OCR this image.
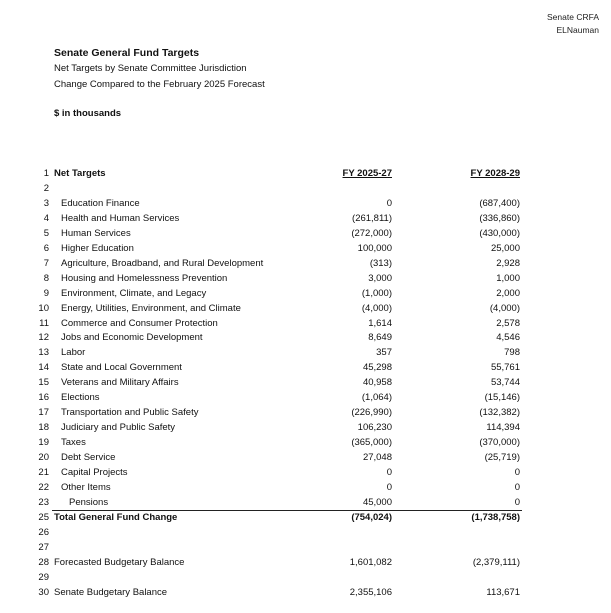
Senate CRFA
ELNauman
Senate General Fund Targets
Net Targets by Senate Committee Jurisdiction
Change Compared to the February 2025 Forecast
$ in thousands
1 Net Targets	FY 2025-27	FY 2028-29
2
3 Education Finance	0	(687,400)
4 Health and Human Services	(261,811)	(336,860)
5 Human Services	(272,000)	(430,000)
6 Higher Education	100,000	25,000
7 Agriculture, Broadband, and Rural Development	(313)	2,928
8 Housing and Homelessness Prevention	3,000	1,000
9 Environment, Climate, and Legacy	(1,000)	2,000
10 Energy, Utilities, Environment, and Climate	(4,000)	(4,000)
11 Commerce and Consumer Protection	1,614	2,578
12 Jobs and Economic Development	8,649	4,546
13 Labor	357	798
14 State and Local Government	45,298	55,761
15 Veterans and Military Affairs	40,958	53,744
16 Elections	(1,064)	(15,146)
17 Transportation and Public Safety	(226,990)	(132,382)
18 Judiciary and Public Safety	106,230	114,394
19 Taxes	(365,000)	(370,000)
20 Debt Service	27,048	(25,719)
21 Capital Projects	0	0
22 Other Items	0	0
23 Pensions	45,000	0
25 Total General Fund Change	(754,024)	(1,738,758)
26
27
28 Forecasted Budgetary Balance	1,601,082	(2,379,111)
29
30 Senate Budgetary Balance	2,355,106	113,671
